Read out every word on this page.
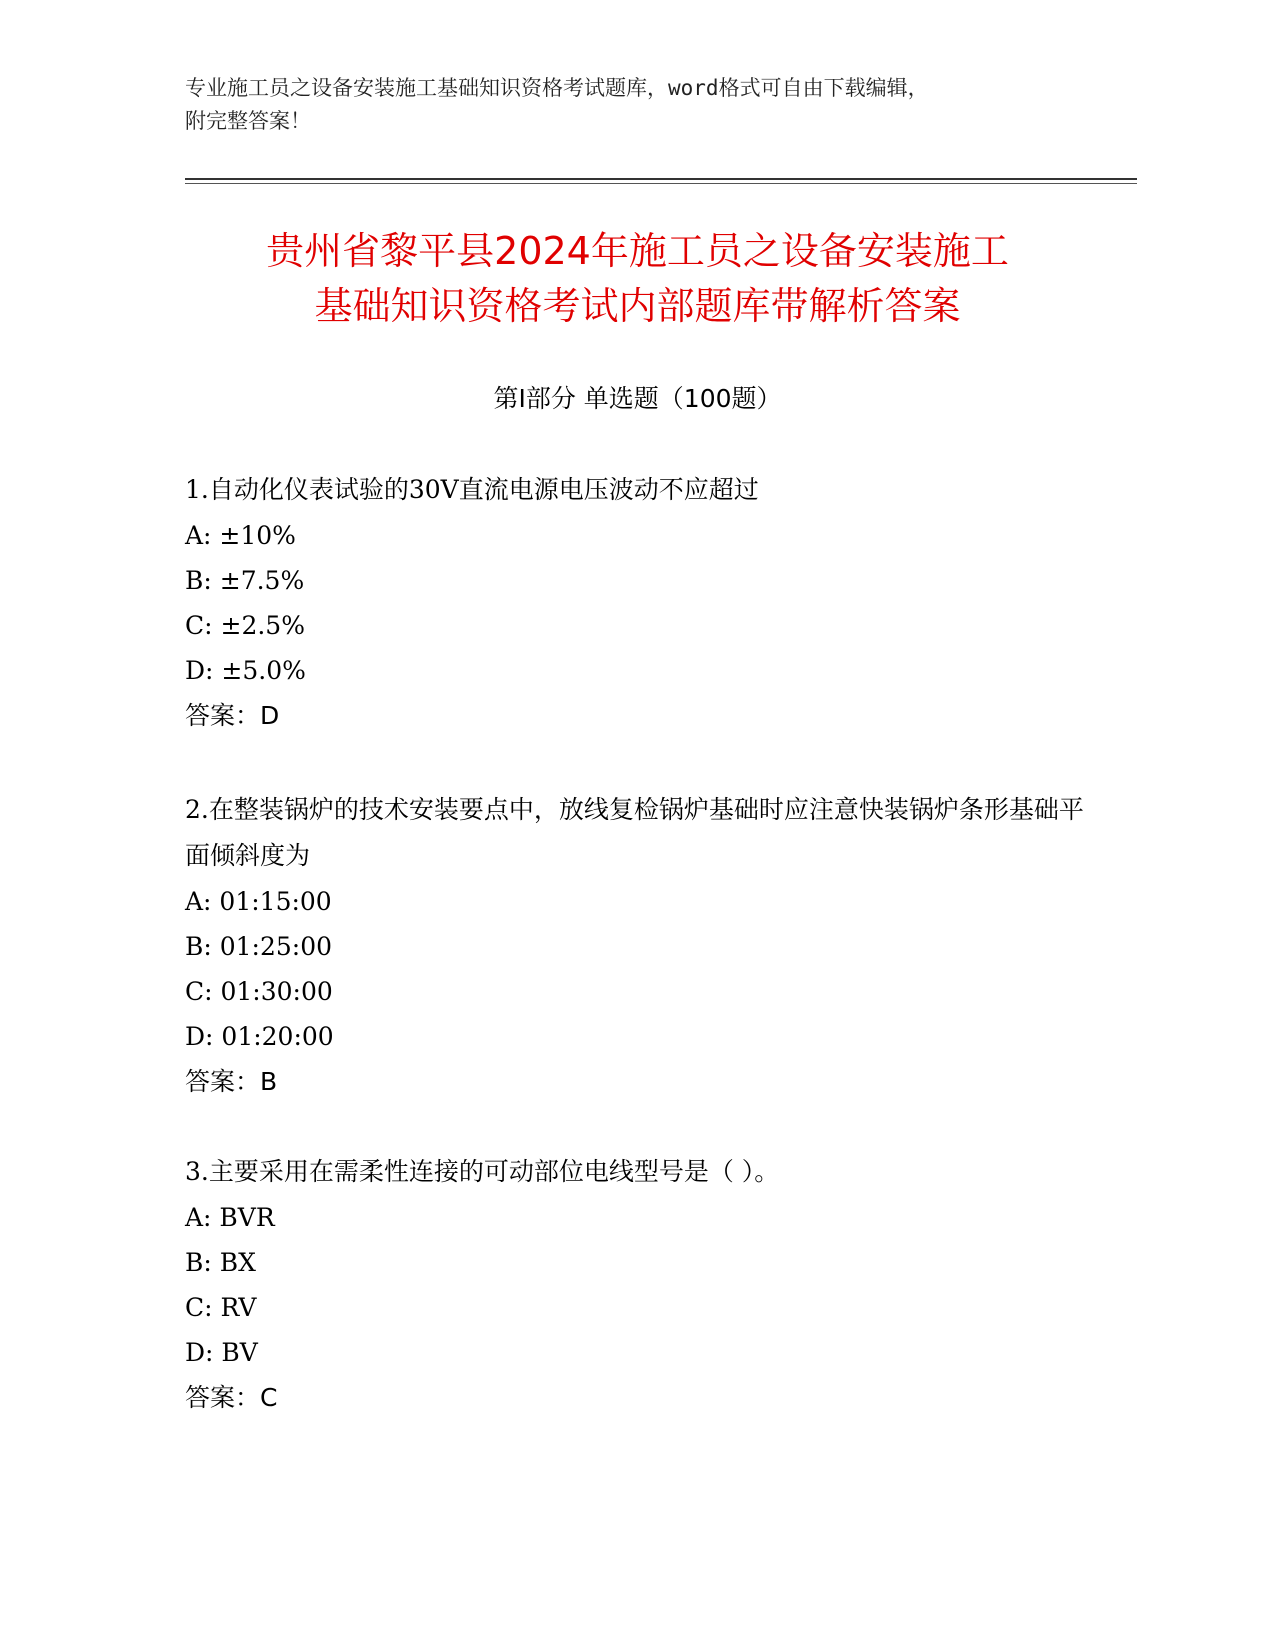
专业施工员之设备安装施工基础知识资格考试题库，word格式可自由下载编辑，
附完整答案！
贵州省黎平县2024年施工员之设备安装施工
基础知识资格考试内部题库带解析答案
第I部分 单选题（100题）

1.自动化仪表试验的30V直流电源电压波动不应超过

A: ±10%

B: ±7.5%

C: ±2.5%

D: ±5.0%

答案：D

2.在整装锅炉的技术安装要点中，放线复检锅炉基础时应注意快装锅炉条形基础平面倾斜度为

A: 01:15:00

B: 01:25:00

C: 01:30:00

D: 01:20:00

答案：B

3.主要采用在需柔性连接的可动部位电线型号是（ ）。

A: BVR

B: BX

C: RV

D: BV

答案：C
